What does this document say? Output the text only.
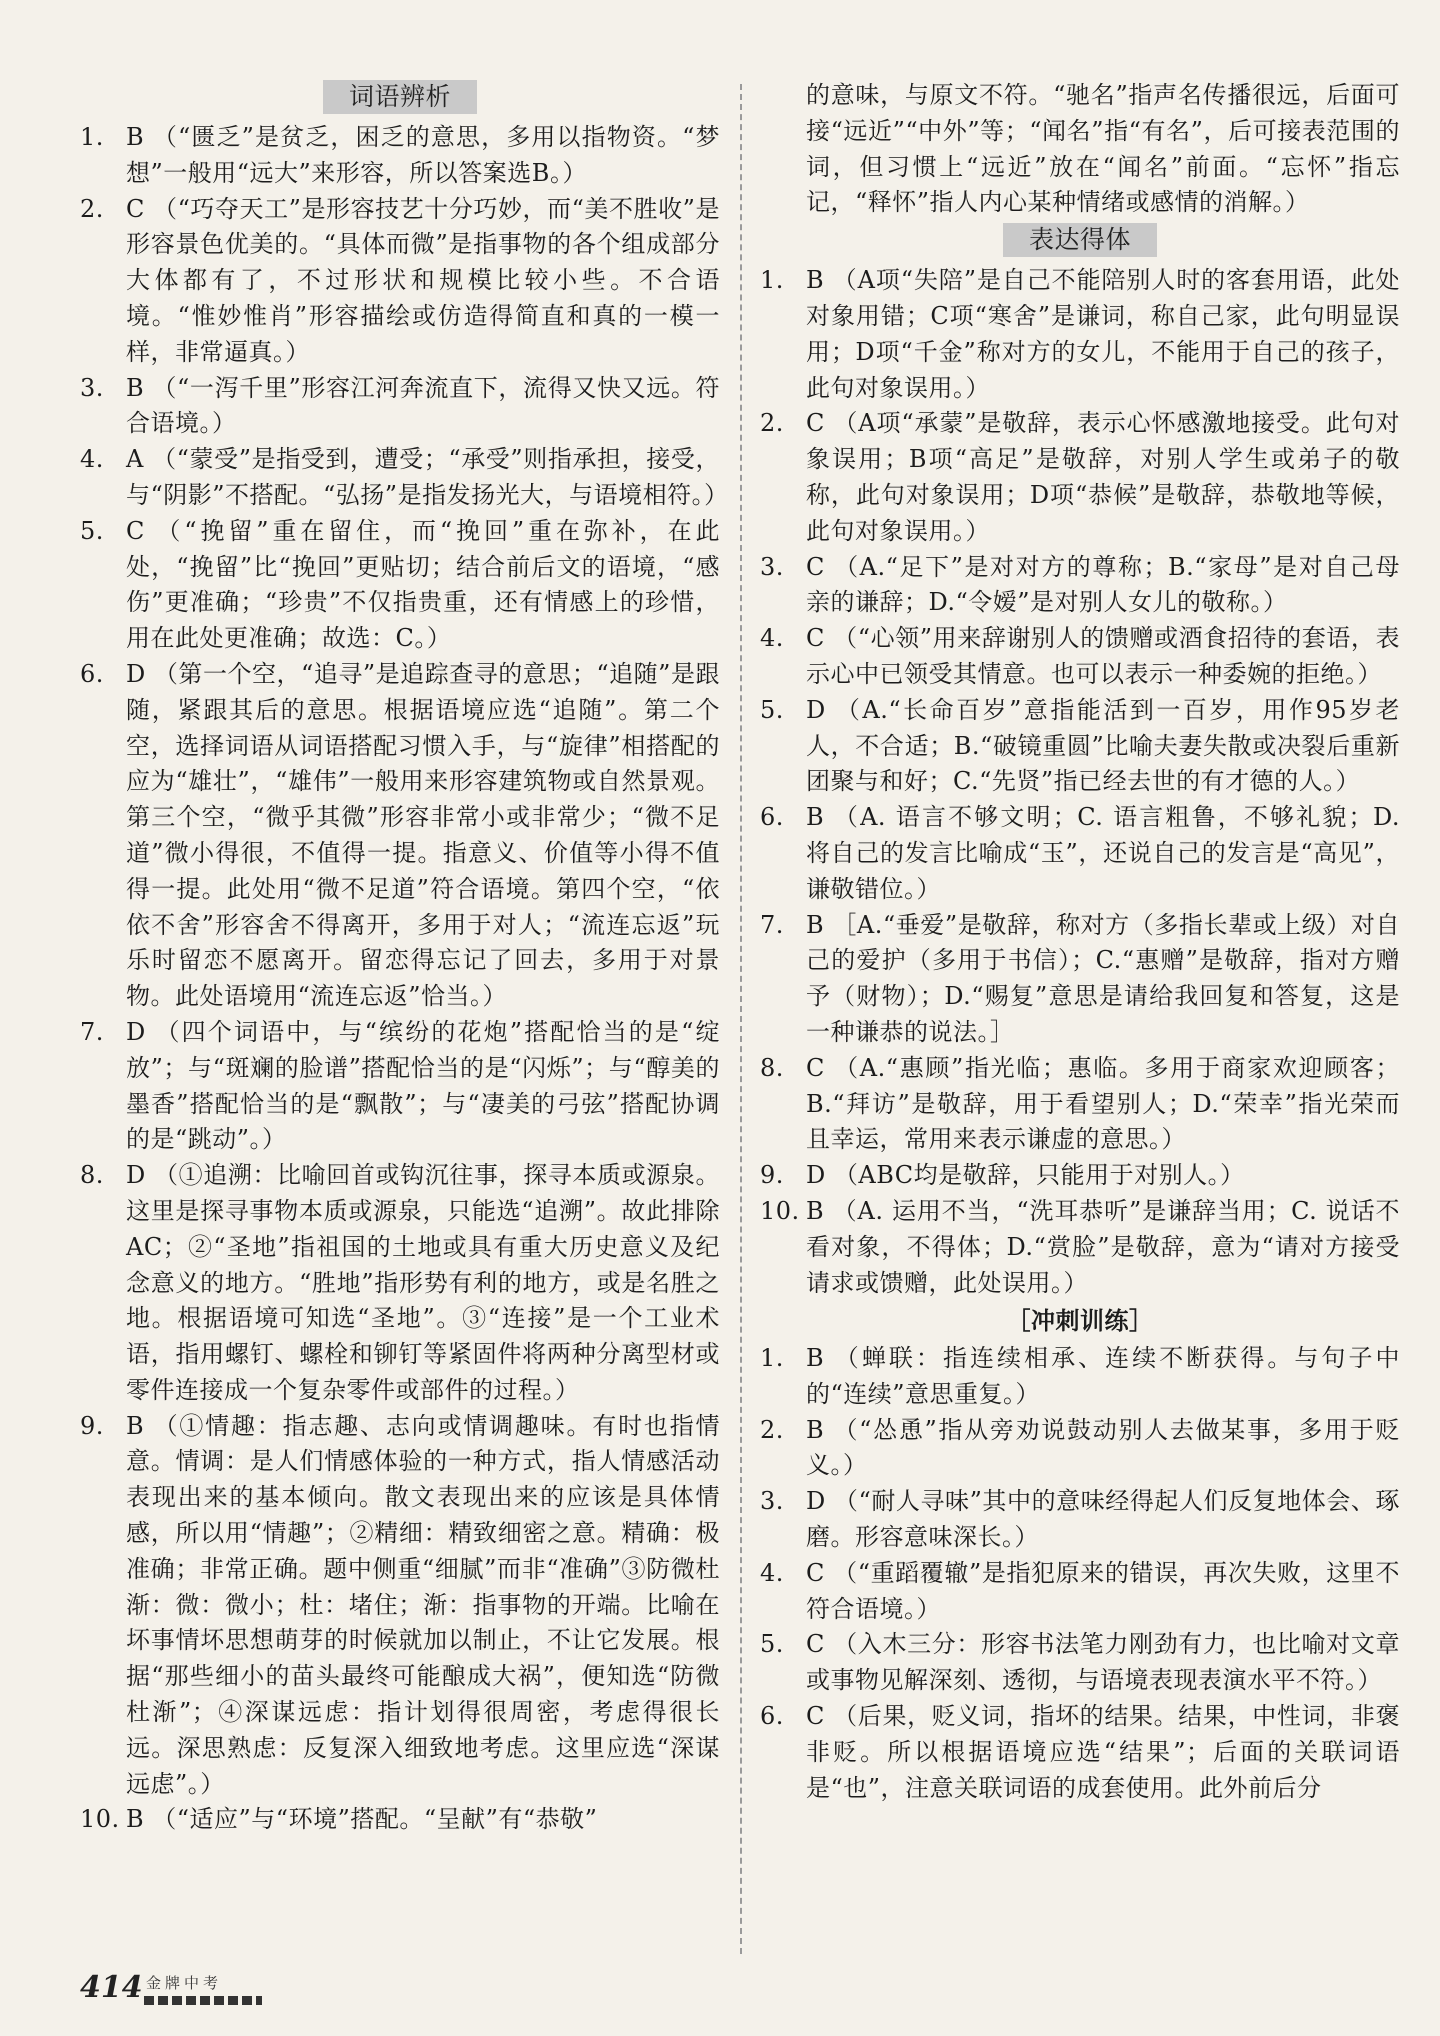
词语辨析
1. B （“匮乏”是贫乏，困乏的意思，多用以指物资。“梦想”一般用“远大”来形容，所以答案选B。）
2. C （“巧夺天工”是形容技艺十分巧妙，而“美不胜收”是形容景色优美的。“具体而微”是指事物的各个组成部分大体都有了，不过形状和规模比较小些。不合语境。“惟妙惟肖”形容描绘或仿造得简直和真的一模一样，非常逼真。）
3. B （“一泻千里”形容江河奔流直下，流得又快又远。符合语境。）
4. A （“蒙受”是指受到，遭受；“承受”则指承担，接受，与“阴影”不搭配。“弘扬”是指发扬光大，与语境相符。）
5. C （“挽留”重在留住，而“挽回”重在弥补，在此处，“挽留”比“挽回”更贴切；结合前后文的语境，“感伤”更准确；“珍贵”不仅指贵重，还有情感上的珍惜，用在此处更准确；故选：C。）
6. D （第一个空，“追寻”是追踪查寻的意思；“追随”是跟随，紧跟其后的意思。根据语境应选“追随”。第二个空，选择词语从词语搭配习惯入手，与“旋律”相搭配的应为“雄壮”，“雄伟”一般用来形容建筑物或自然景观。第三个空，“微乎其微”形容非常小或非常少；“微不足道”微小得很，不值得一提。指意义、价值等小得不值得一提。此处用“微不足道”符合语境。第四个空，“依依不舍”形容舍不得离开，多用于对人；“流连忘返”玩乐时留恋不愿离开。留恋得忘记了回去，多用于对景物。此处语境用“流连忘返”恰当。）
7. D （四个词语中，与“缤纷的花炮”搭配恰当的是“绽放”；与“斑斓的脸谱”搭配恰当的是“闪烁”；与“醇美的墨香”搭配恰当的是“飘散”；与“凄美的弓弦”搭配协调的是“跳动”。）
8. D （①追溯：比喻回首或钩沉往事，探寻本质或源泉。这里是探寻事物本质或源泉，只能选“追溯”。故此排除AC；②“圣地”指祖国的土地或具有重大历史意义及纪念意义的地方。“胜地”指形势有利的地方，或是名胜之地。根据语境可知选“圣地”。③“连接”是一个工业术语，指用螺钉、螺栓和铆钉等紧固件将两种分离型材或零件连接成一个复杂零件或部件的过程。）
9. B （①情趣：指志趣、志向或情调趣味。有时也指情意。情调：是人们情感体验的一种方式，指人情感活动表现出来的基本倾向。散文表现出来的应该是具体情感，所以用“情趣”；②精细：精致细密之意。精确：极准确；非常正确。题中侧重“细腻”而非“准确”③防微杜渐：微：微小；杜：堵住；渐：指事物的开端。比喻在坏事情坏思想萌芽的时候就加以制止，不让它发展。根据“那些细小的苗头最终可能酿成大祸”，便知选“防微杜渐”；④深谋远虑：指计划得很周密，考虑得很长远。深思熟虑：反复深入细致地考虑。这里应选“深谋远虑”。）
10. B （“适应”与“环境”搭配。“呈献”有“恭敬”
的意味，与原文不符。“驰名”指声名传播很远，后面可接“远近”“中外”等；“闻名”指“有名”，后可接表范围的词，但习惯上“远近”放在“闻名”前面。“忘怀”指忘记，“释怀”指人内心某种情绪或感情的消解。）
表达得体
1. B （A项“失陪”是自己不能陪别人时的客套用语，此处对象用错；C项“寒舍”是谦词，称自己家，此句明显误用；D项“千金”称对方的女儿，不能用于自己的孩子，此句对象误用。）
2. C （A项“承蒙”是敬辞，表示心怀感激地接受。此句对象误用；B项“高足”是敬辞，对别人学生或弟子的敬称，此句对象误用；D项“恭候”是敬辞，恭敬地等候，此句对象误用。）
3. C （A.“足下”是对对方的尊称；B.“家母”是对自己母亲的谦辞；D.“令嫒”是对别人女儿的敬称。）
4. C （“心领”用来辞谢别人的馈赠或酒食招待的套语，表示心中已领受其情意。也可以表示一种委婉的拒绝。）
5. D （A.“长命百岁”意指能活到一百岁，用作95岁老人，不合适；B.“破镜重圆”比喻夫妻失散或决裂后重新团聚与和好；C.“先贤”指已经去世的有才德的人。）
6. B （A. 语言不够文明；C. 语言粗鲁，不够礼貌；D. 将自己的发言比喻成“玉”，还说自己的发言是“高见”，谦敬错位。）
7. B ［A.“垂爱”是敬辞，称对方（多指长辈或上级）对自己的爱护（多用于书信）；C.“惠赠”是敬辞，指对方赠予（财物）；D.“赐复”意思是请给我回复和答复，这是一种谦恭的说法。］
8. C （A.“惠顾”指光临；惠临。多用于商家欢迎顾客；B.“拜访”是敬辞，用于看望别人；D.“荣幸”指光荣而且幸运，常用来表示谦虚的意思。）
9. D （ABC均是敬辞，只能用于对别人。）
10. B （A. 运用不当，“洗耳恭听”是谦辞当用；C. 说话不看对象，不得体；D.“赏脸”是敬辞，意为“请对方接受请求或馈赠，此处误用。）
［冲刺训练］
1. B （蝉联：指连续相承、连续不断获得。与句子中的“连续”意思重复。）
2. B （“怂恿”指从旁劝说鼓动别人去做某事，多用于贬义。）
3. D （“耐人寻味”其中的意味经得起人们反复地体会、琢磨。形容意味深长。）
4. C （“重蹈覆辙”是指犯原来的错误，再次失败，这里不符合语境。）
5. C （入木三分：形容书法笔力刚劲有力，也比喻对文章或事物见解深刻、透彻，与语境表现表演水平不符。）
6. C （后果，贬义词，指坏的结果。结果，中性词，非褒非贬。所以根据语境应选“结果”；后面的关联词语是“也”，注意关联词语的成套使用。此外前后分
414 金牌中考
